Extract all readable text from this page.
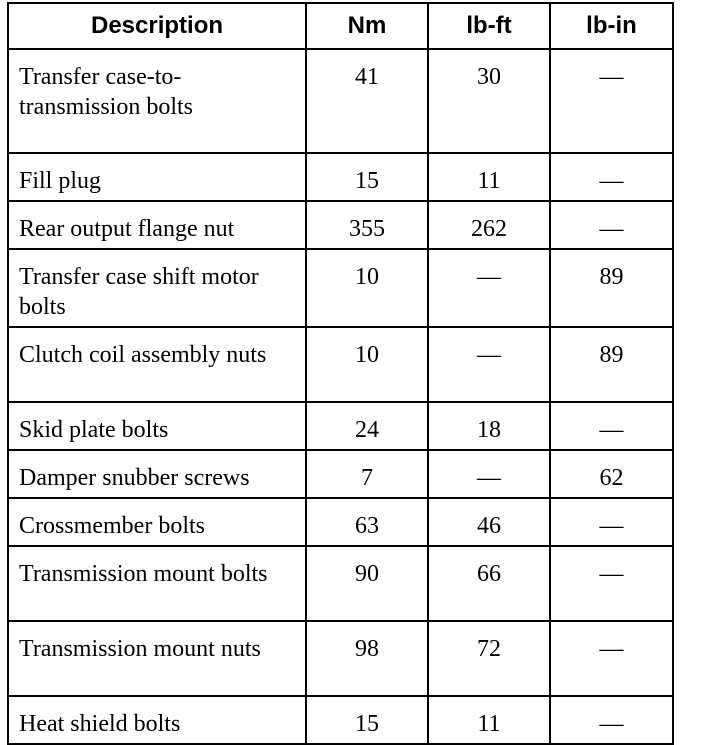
Description	Nm	lb-ft	lb-in
Transfer case-to-transmission bolts	41	30	—
Fill plug	15	11	—
Rear output flange nut	355	262	—
Transfer case shift motor bolts	10	—	89
Clutch coil assembly nuts	10	—	89
Skid plate bolts	24	18	—
Damper snubber screws	7	—	62
Crossmember bolts	63	46	—
Transmission mount bolts	90	66	—
Transmission mount nuts	98	72	—
Heat shield bolts	15	11	—
